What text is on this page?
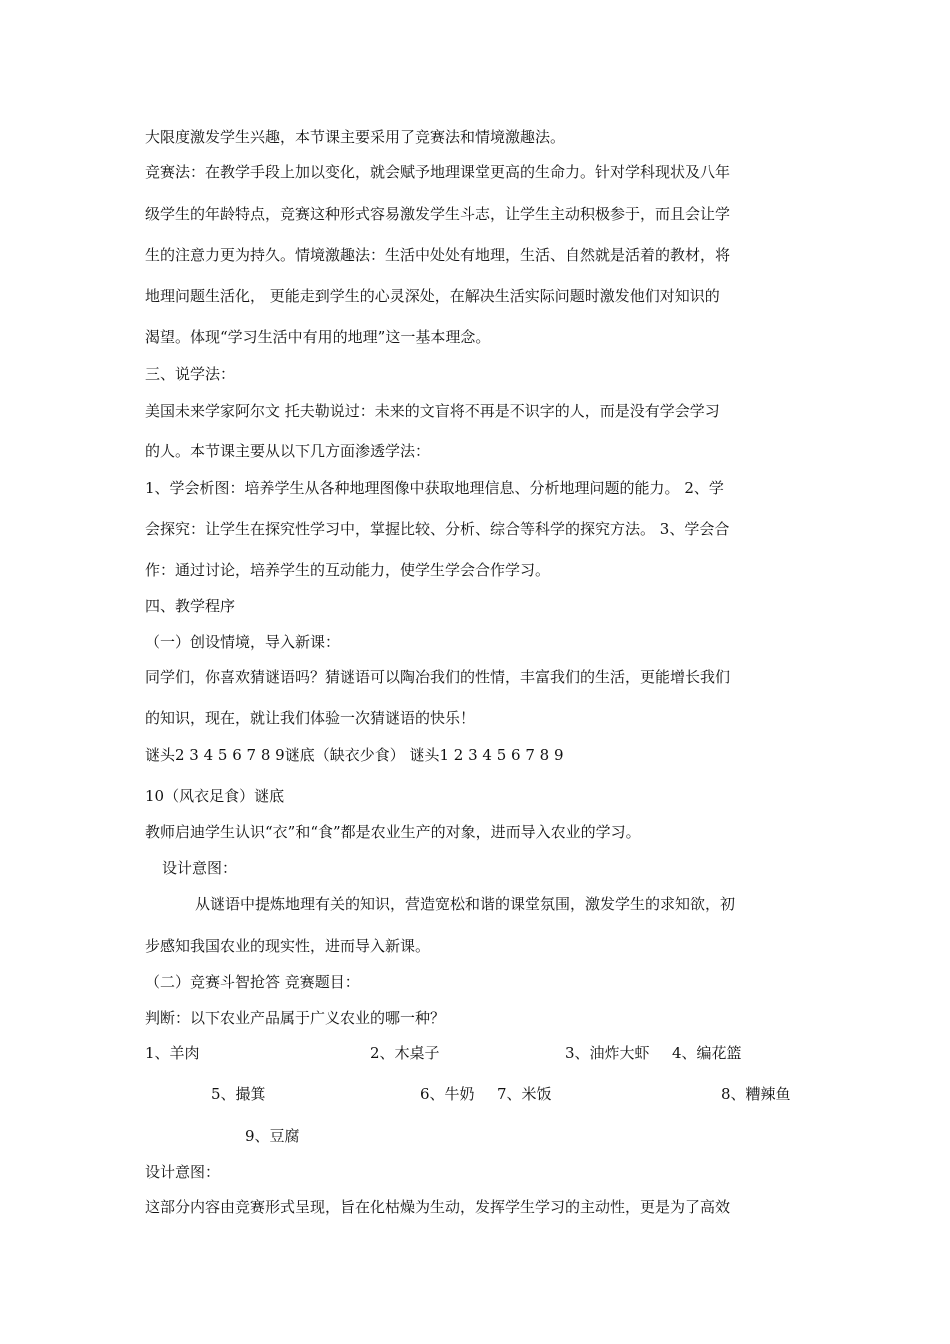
大限度激发学生兴趣，本节课主要采用了竞赛法和情境激趣法。
竞赛法：在教学手段上加以变化，就会赋予地理课堂更高的生命力。针对学科现状及八年
级学生的年龄特点，竞赛这种形式容易激发学生斗志，让学生主动积极参于，而且会让学
生的注意力更为持久。情境激趣法：生活中处处有地理，生活、自然就是活着的教材，将
地理问题生活化， 更能走到学生的心灵深处，在解决生活实际问题时激发他们对知识的
渴望。体现“学习生活中有用的地理”这一基本理念。
三、说学法：
美国未来学家阿尔文 托夫勒说过：未来的文盲将不再是不识字的人，而是没有学会学习
的人。本节课主要从以下几方面渗透学法：
1、学会析图：培养学生从各种地理图像中获取地理信息、分析地理问题的能力。 2、学
会探究：让学生在探究性学习中，掌握比较、分析、综合等科学的探究方法。 3、学会合
作：通过讨论，培养学生的互动能力，使学生学会合作学习。
四、教学程序
（一）创设情境，导入新课：
同学们，你喜欢猜谜语吗？猜谜语可以陶冶我们的性情，丰富我们的生活，更能增长我们
的知识，现在，就让我们体验一次猜谜语的快乐！
谜头2 3 4 5 6 7 8 9谜底（缺衣少食） 谜头1 2 3 4 5 6 7 8 9
10（风衣足食）谜底
教师启迪学生认识“衣”和“食”都是农业生产的对象，进而导入农业的学习。
设计意图：
从谜语中提炼地理有关的知识，营造宽松和谐的课堂氛围，激发学生的求知欲，初
步感知我国农业的现实性，进而导入新课。
（二）竞赛斗智抢答 竞赛题目：
判断：以下农业产品属于广义农业的哪一种？
1、羊肉	2、木桌子	3、油炸大虾 4、编花篮
5、撮箕	6、牛奶 7、米饭	8、糟辣鱼
9、豆腐
设计意图：
这部分内容由竞赛形式呈现，旨在化枯燥为生动，发挥学生学习的主动性，更是为了高效
